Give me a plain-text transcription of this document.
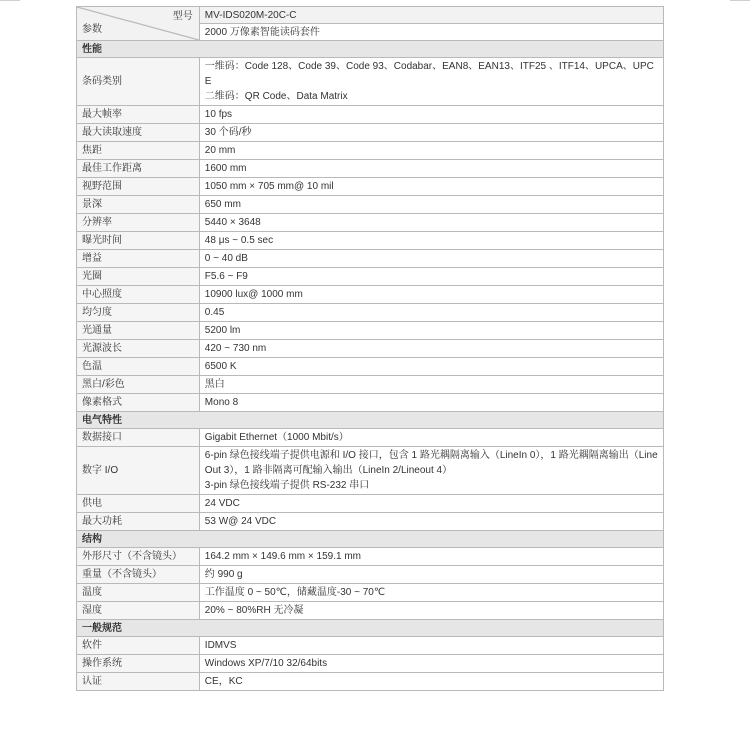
型号
参数	MV-IDS020M-20C-C
	2000 万像素智能读码套件
性能	
条码类别	一维码：Code 128、Code 39、Code 93、Codabar、EAN8、EAN13、ITF25 、ITF14、UPCA、UPCE
二维码：QR Code、Data Matrix

最大帧率	10 fps

最大读取速度	30 个码/秒

焦距	20 mm

最佳工作距离	1600 mm

视野范围	1050 mm × 705 mm@ 10 mil

景深	650 mm

分辨率	5440 × 3648

曝光时间	48 μs ~ 0.5 sec

增益	0 ~ 40 dB

光圈	F5.6 ~ F9

中心照度	10900 lux@ 1000 mm

均匀度	0.45

光通量	5200 lm

光源波长	420 ~ 730 nm

色温	6500 K

黑白/彩色	黑白

像素格式	Mono 8

电气特性	
数据接口	Gigabit Ethernet（1000 Mbit/s）

数字 I/O	6-pin 绿色接线端子提供电源和 I/O 接口，包含 1 路光耦隔离输入（LineIn 0），1 路光耦隔离输出（LineOut 3），1 路非隔离可配输入输出（LineIn 2/Lineout 4）
3-pin 绿色接线端子提供 RS-232 串口

供电	24 VDC

最大功耗	53 W@ 24 VDC

结构	
外形尺寸（不含镜头）	164.2 mm × 149.6 mm × 159.1 mm

重量（不含镜头）	约 990 g

温度	工作温度 0 ~ 50℃，储藏温度-30 ~ 70℃

湿度	20% ~ 80%RH 无冷凝

一般规范	
软件	IDMVS

操作系统	Windows XP/7/10 32/64bits

认证	CE，KC
